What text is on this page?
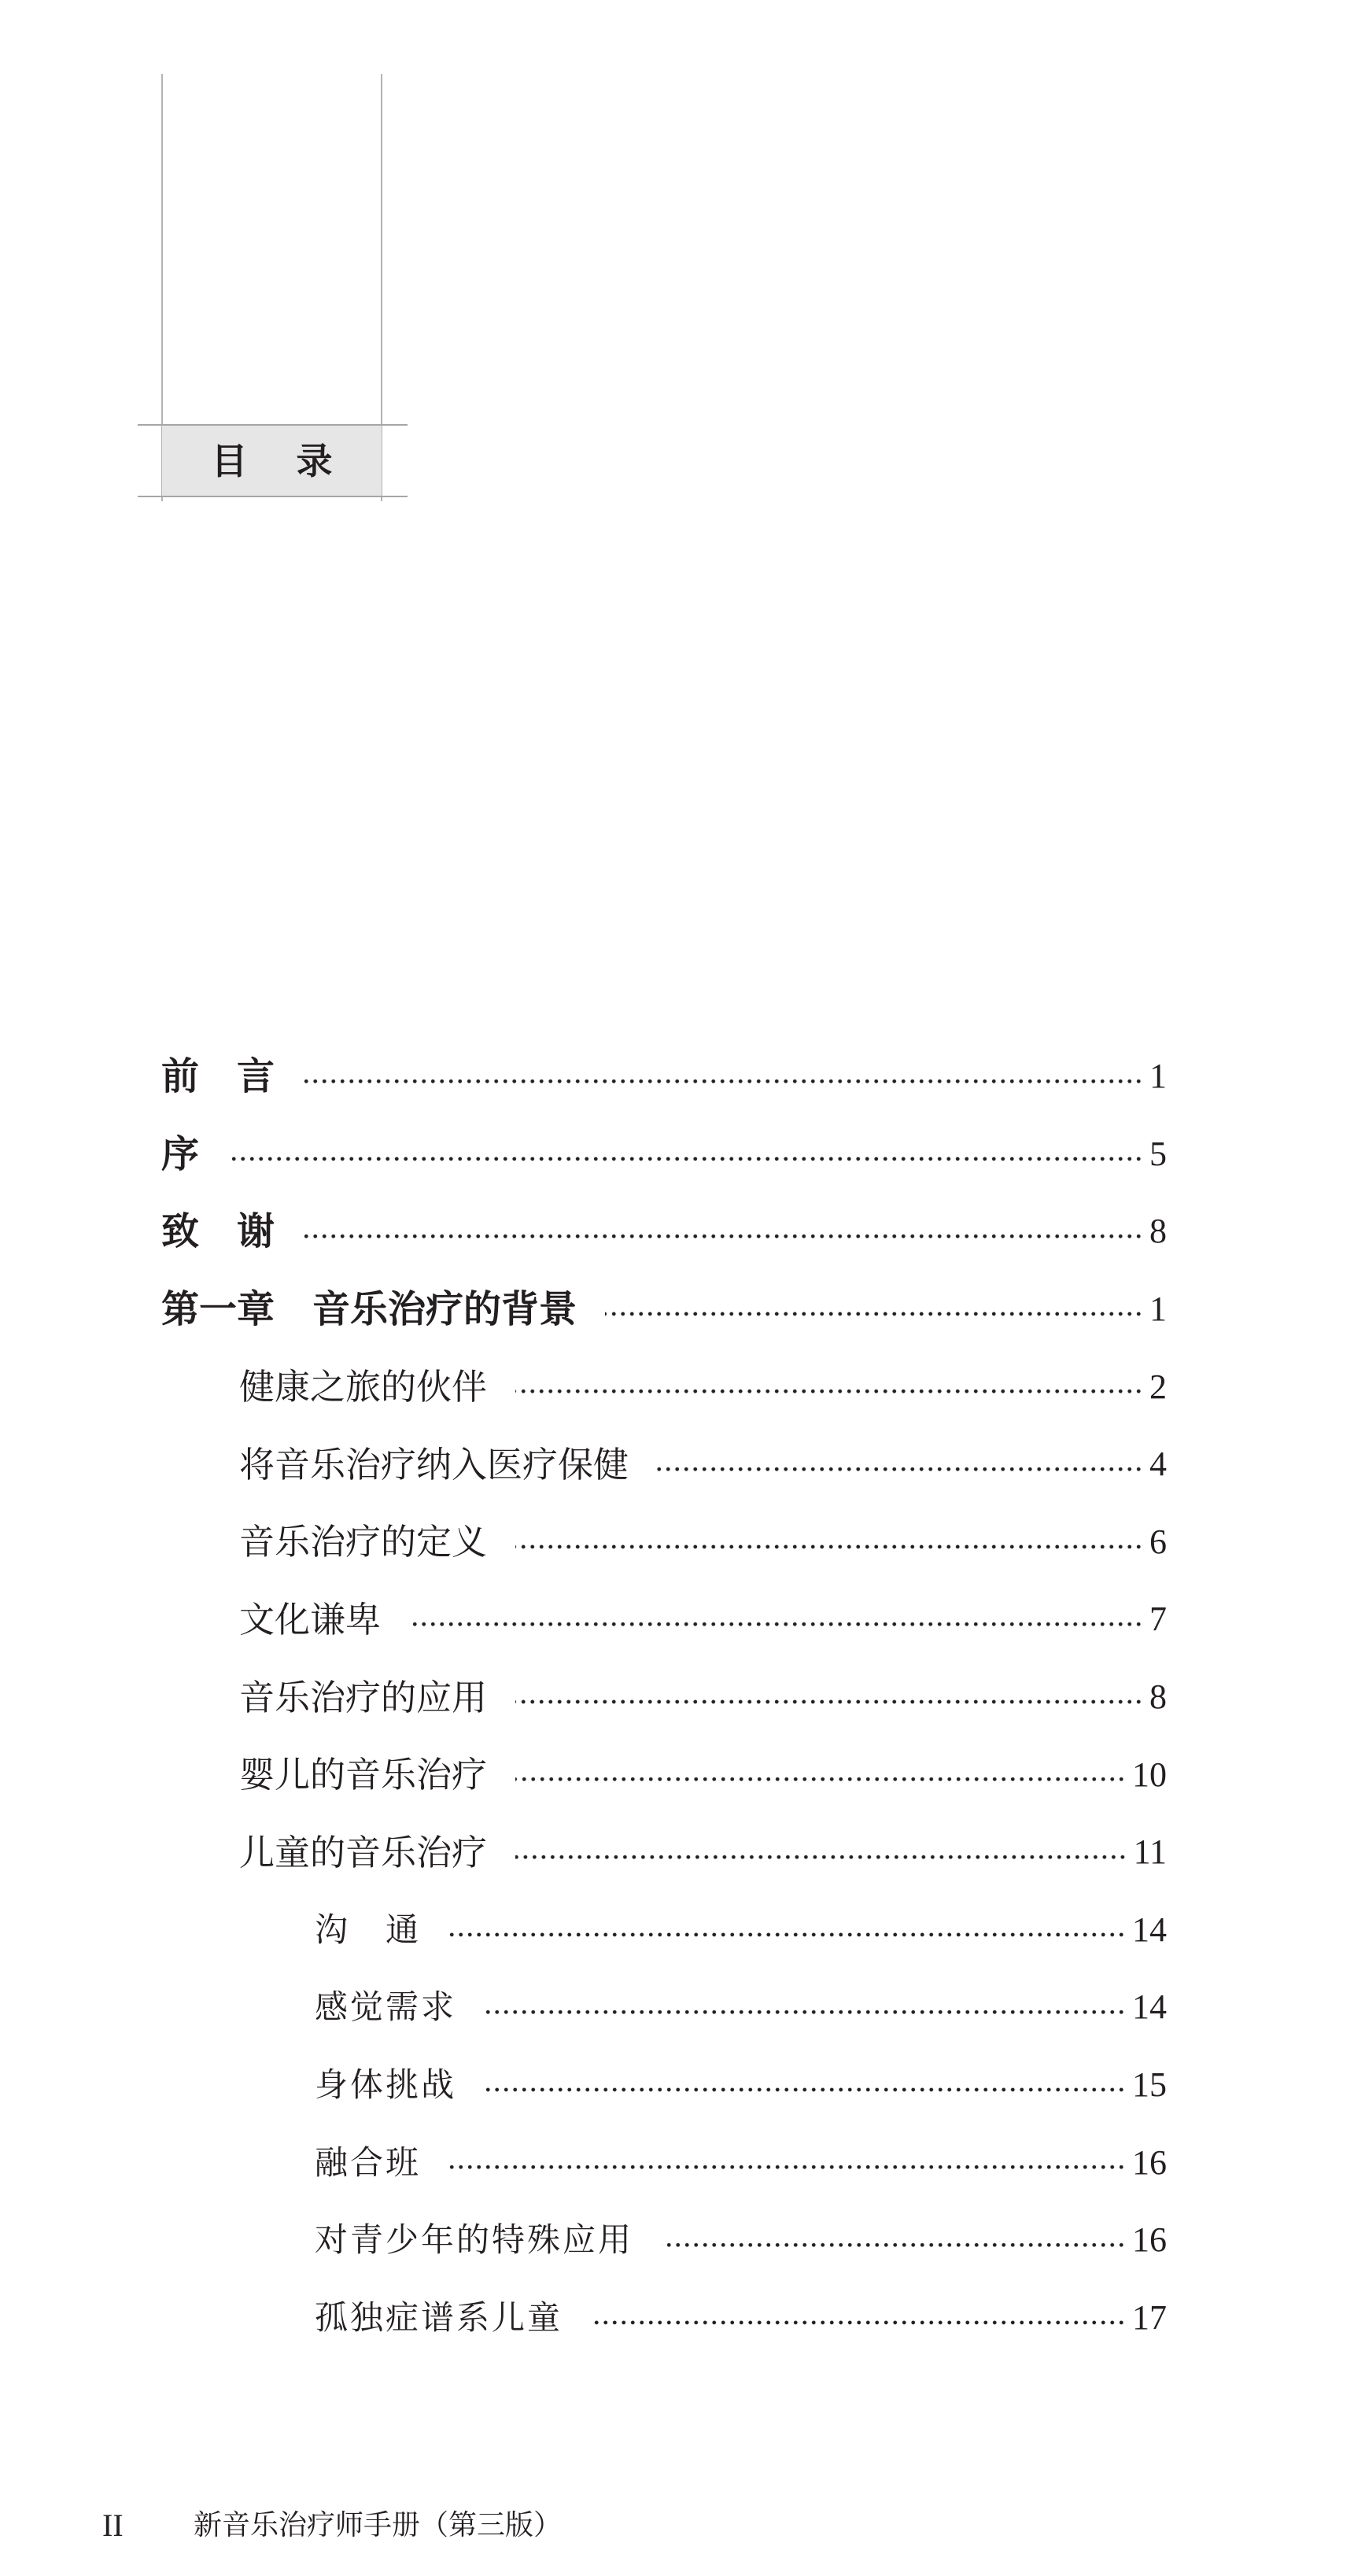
目　录
前　言	1
序	5
致　谢	8
第一章　音乐治疗的背景	1
健康之旅的伙伴	2
将音乐治疗纳入医疗保健	4
音乐治疗的定义	6
文化谦卑	7
音乐治疗的应用	8
婴儿的音乐治疗	10
儿童的音乐治疗	11
沟　通	14
感觉需求	14
身体挑战	15
融合班	16
对青少年的特殊应用	16
孤独症谱系儿童	17
II 新音乐治疗师手册（第三版）
